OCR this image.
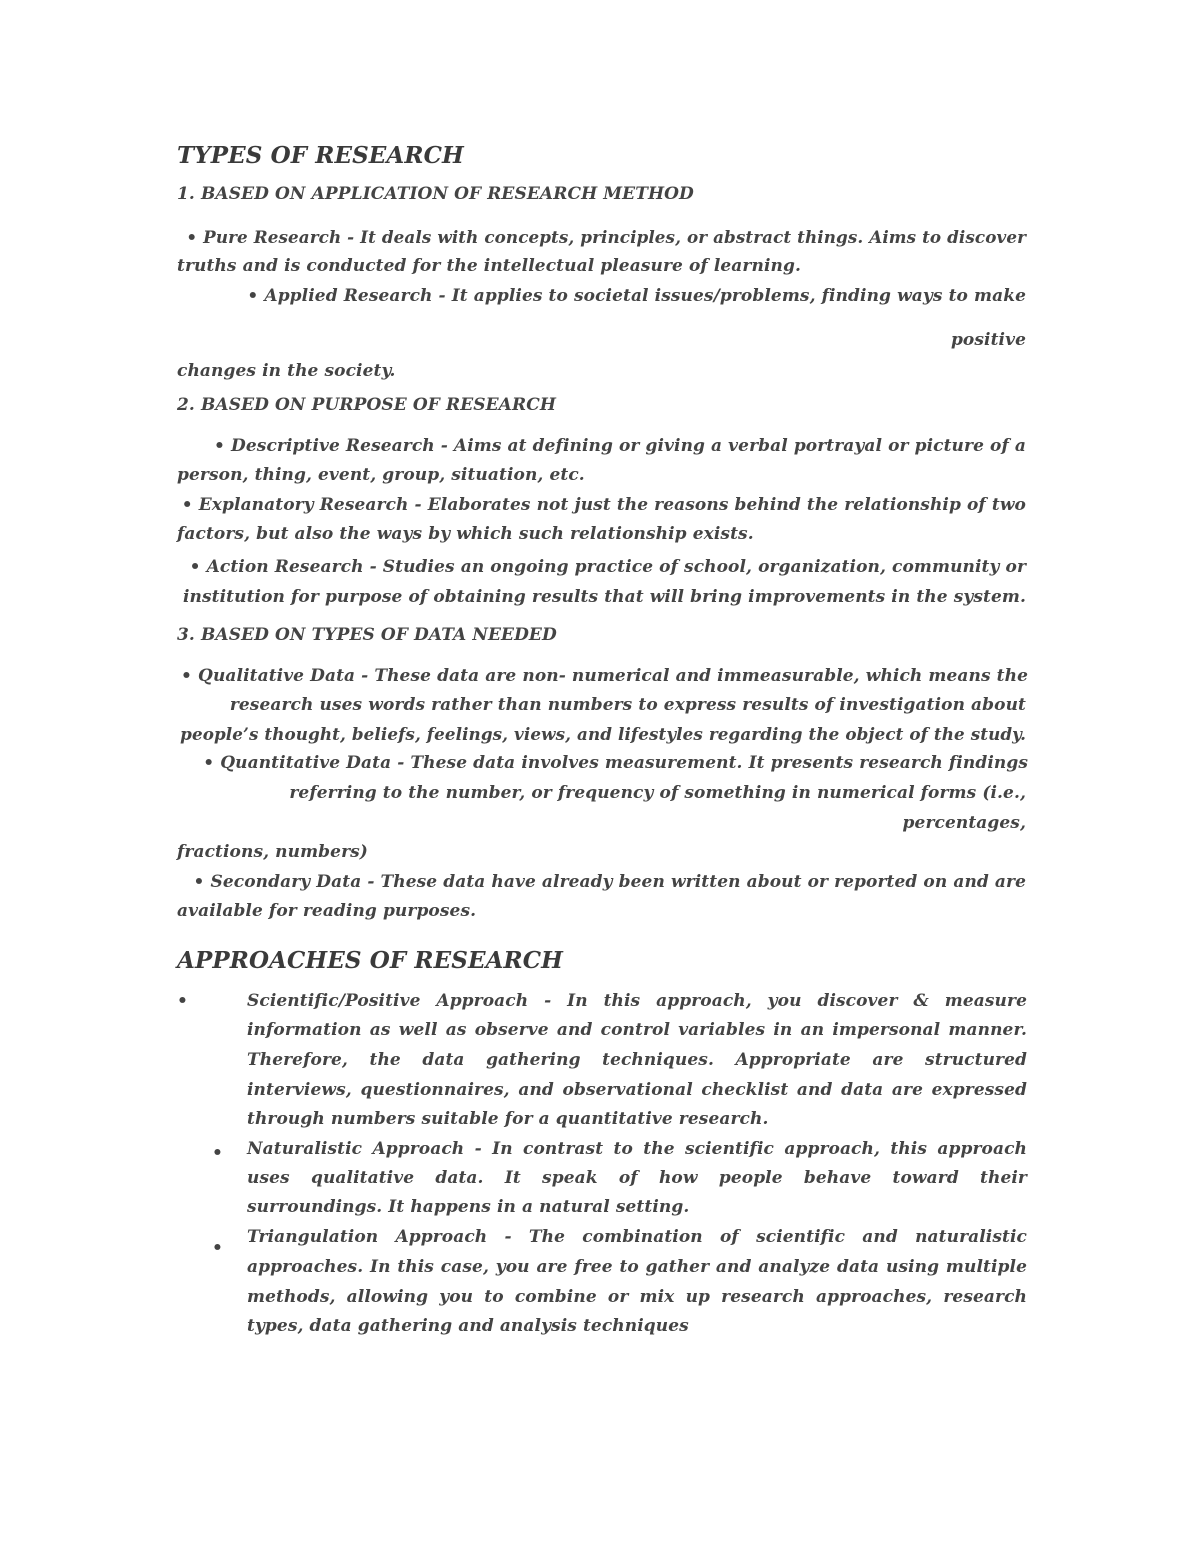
TYPES OF RESEARCH
1. BASED ON APPLICATION OF RESEARCH METHOD
• Pure Research - It deals with concepts, principles, or abstract things. Aims to discover
truths and is conducted for the intellectual pleasure of learning.
• Applied Research - It applies to societal issues/problems, finding ways to make
positive
changes in the society.
2. BASED ON PURPOSE OF RESEARCH
• Descriptive Research - Aims at defining or giving a verbal portrayal or picture of a
person, thing, event, group, situation, etc.
• Explanatory Research - Elaborates not just the reasons behind the relationship of two
factors, but also the ways by which such relationship exists.
• Action Research - Studies an ongoing practice of school, organization, community or
institution for purpose of obtaining results that will bring improvements in the system.
3. BASED ON TYPES OF DATA NEEDED
• Qualitative Data - These data are non- numerical and immeasurable, which means the
research uses words rather than numbers to express results of investigation about
people’s thought, beliefs, feelings, views, and lifestyles regarding the object of the study.
• Quantitative Data - These data involves measurement. It presents research findings
referring to the number, or frequency of something in numerical forms (i.e.,
percentages,
fractions, numbers)
• Secondary Data - These data have already been written about or reported on and are
available for reading purposes.
APPROACHES OF RESEARCH
•	Scientific/Positive Approach - In this approach, you discover & measure
information as well as observe and control variables in an impersonal manner.
Therefore, the data gathering techniques. Appropriate are structured
interviews, questionnaires, and observational checklist and data are expressed
through numbers suitable for a quantitative research.
• Naturalistic Approach - In contrast to the scientific approach, this approach
uses qualitative data. It speak of how people behave toward their
surroundings. It happens in a natural setting.
•
Triangulation Approach - The combination of scientific and naturalistic
approaches. In this case, you are free to gather and analyze data using multiple
methods, allowing you to combine or mix up research approaches, research
types, data gathering and analysis techniques
